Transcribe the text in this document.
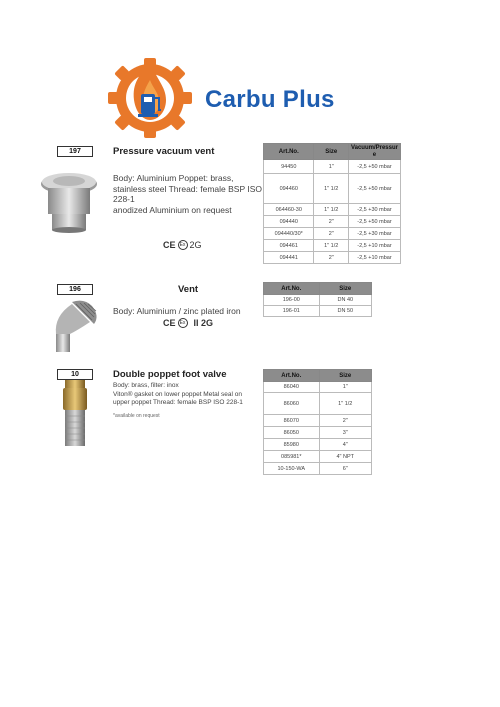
Carbu Plus
197	Pressure vacuum vent
Body: Aluminium Poppet: brass,
stainless steel Thread: female BSP ISO
228-1
anodized Aluminium on request
CE Ex 2G
Art.No.	Size	Vacuum/Pressur
e
94450	1"	-2,5 +50 mbar
094460	1" 1/2	-2,5 +50 mbar
064460-30	1" 1/2	-2,5 +30 mbar
094440	2"	-2,5 +50 mbar
094440/30*	2"	-2,5 +30 mbar
094461	1" 1/2	-2,5 +10 mbar
094441	2"	-2,5 +10 mbar
196	Vent
Body: Aluminium / zinc plated iron
CE Ex II 2G
Art.No.	Size
196-00	DN 40
196-01	DN 50
10	Double poppet foot valve
Body: brass, filter: inox
Viton® gasket on lower poppet Metal seal on
upper poppet Thread: female BSP ISO 228-1
*available on request
Art.No.	Size
86040	1"
86060	1" 1/2
86070	2"
86050	3"
85980	4"
085981*	4" NPT
10-150-WA	6"
